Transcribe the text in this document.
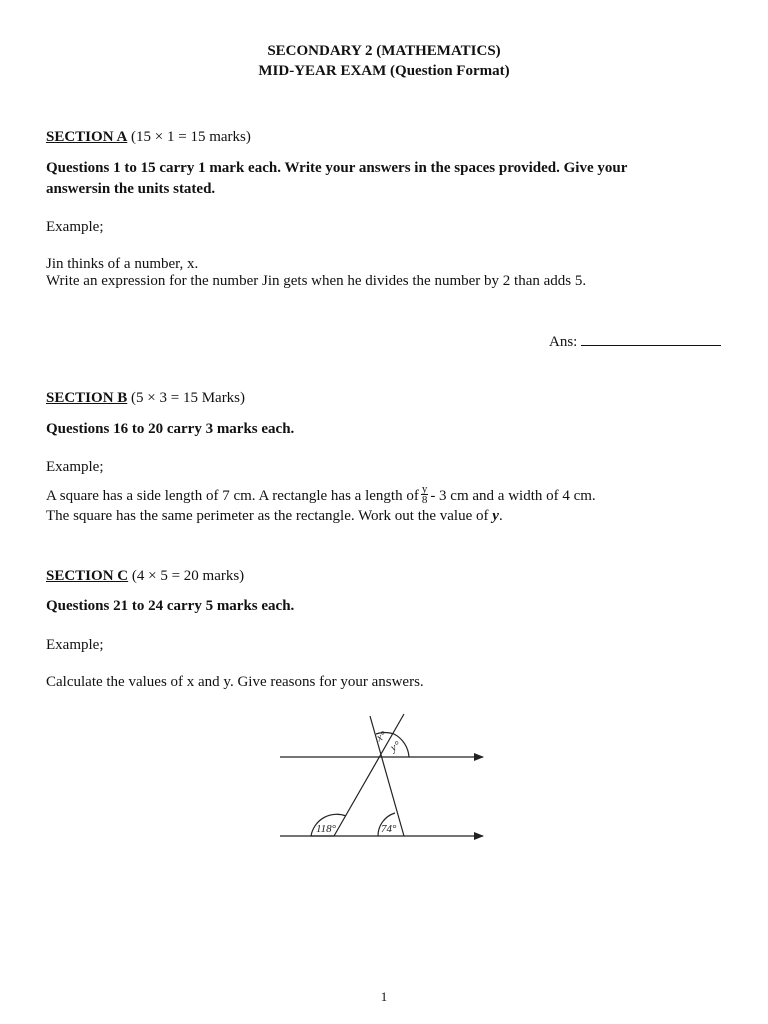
SECONDARY 2 (MATHEMATICS)
MID-YEAR EXAM (Question Format)
SECTION A (15 × 1 = 15 marks)
Questions 1 to 15 carry 1 mark each. Write your answers in the spaces provided. Give your
answersin the units stated.
Example;
Jin thinks of a number, x.
Write an expression for the number Jin gets when he divides the number by 2 than adds 5.
Ans:
SECTION B (5 × 3 = 15 Marks)
Questions 16 to 20 carry 3 marks each.
Example;
A square has a side length of 7 cm. A rectangle has a length of $\frac{y}{8} - 3$ cm and a width of 4 cm.
The square has the same perimeter as the rectangle. Work out the value of y.
SECTION C (4 × 5 = 20 marks)
Questions 21 to 24 carry 5 marks each.
Example;
Calculate the values of x and y. Give reasons for your answers.
x°
y°
118°	74°
1
